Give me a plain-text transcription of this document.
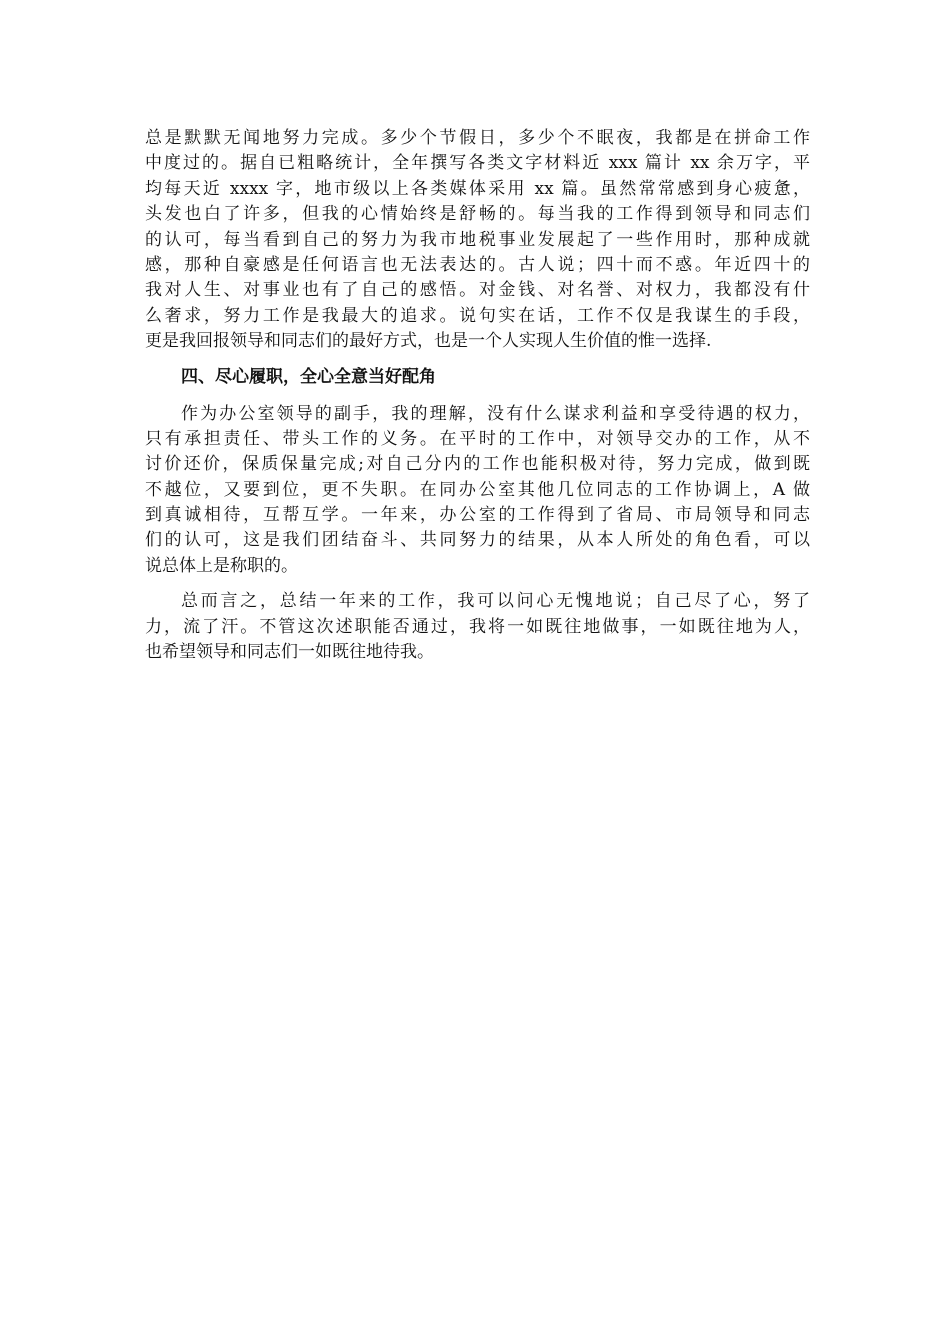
总是默默无闻地努力完成。多少个节假日，多少个不眠夜，我都是在拼命工作
中度过的。据自已粗略统计，全年撰写各类文字材料近 xxx 篇计 xx 余万字，平
均每天近 xxxx 字，地市级以上各类媒体采用 xx 篇。虽然常常感到身心疲惫，
头发也白了许多，但我的心情始终是舒畅的。每当我的工作得到领导和同志们
的认可，每当看到自己的努力为我市地税事业发展起了一些作用时，那种成就
感，那种自豪感是任何语言也无法表达的。古人说；四十而不惑。年近四十的
我对人生、对事业也有了自己的感悟。对金钱、对名誉、对权力，我都没有什
么奢求，努力工作是我最大的追求。说句实在话，工作不仅是我谋生的手段，
更是我回报领导和同志们的最好方式，也是一个人实现人生价值的惟一选择.
四、尽心履职，全心全意当好配角
作为办公室领导的副手，我的理解，没有什么谋求利益和享受待遇的权力，
只有承担责任、带头工作的义务。在平时的工作中，对领导交办的工作，从不
讨价还价，保质保量完成;对自己分内的工作也能积极对待，努力完成，做到既
不越位，又要到位，更不失职。在同办公室其他几位同志的工作协调上，A 做
到真诚相待，互帮互学。一年来，办公室的工作得到了省局、市局领导和同志
们的认可，这是我们团结奋斗、共同努力的结果，从本人所处的角色看，可以
说总体上是称职的。
总而言之，总结一年来的工作，我可以问心无愧地说；自己尽了心，努了
力，流了汗。不管这次述职能否通过，我将一如既往地做事，一如既往地为人，
也希望领导和同志们一如既往地待我。
